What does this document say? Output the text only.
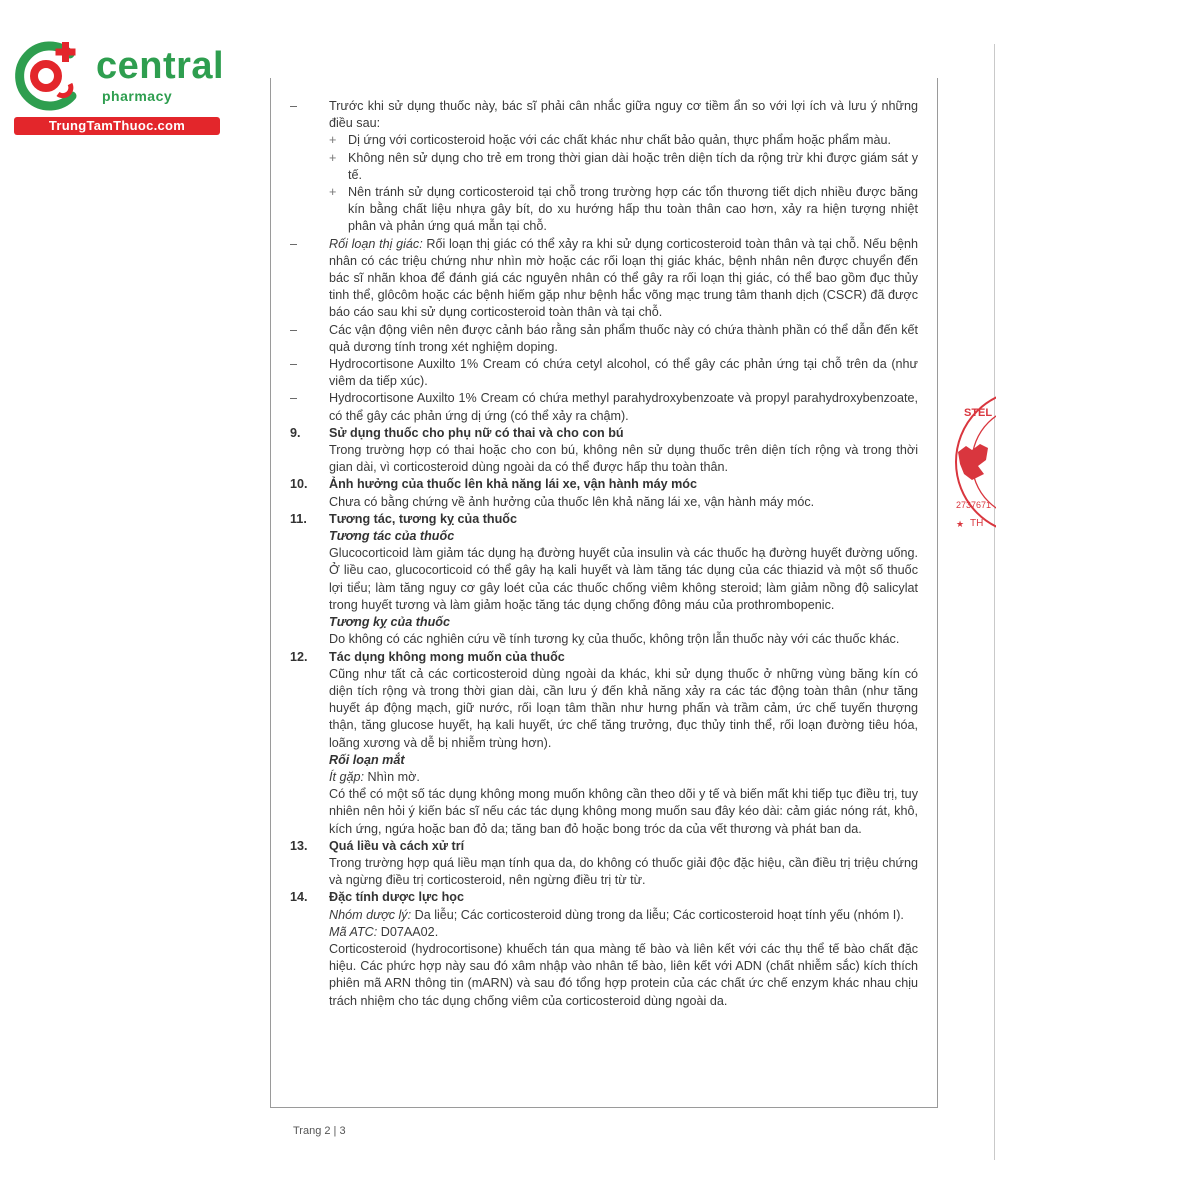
central
pharmacy
TrungTamThuoc.com
STEL
2737671
TH
★
–	Trước khi sử dụng thuốc này, bác sĩ phải cân nhắc giữa nguy cơ tiềm ẩn so với lợi ích và lưu ý những điều sau:
+ Dị ứng với corticosteroid hoặc với các chất khác như chất bảo quản, thực phẩm hoặc phẩm màu.
+ Không nên sử dụng cho trẻ em trong thời gian dài hoặc trên diện tích da rộng trừ khi được giám sát y tế.
+ Nên tránh sử dụng corticosteroid tại chỗ trong trường hợp các tổn thương tiết dịch nhiều được băng kín bằng chất liệu nhựa gây bít, do xu hướng hấp thu toàn thân cao hơn, xảy ra hiện tượng nhiệt phân và phản ứng quá mẫn tại chỗ.
–	Rối loạn thị giác: Rối loạn thị giác có thể xảy ra khi sử dụng corticosteroid toàn thân và tại chỗ. Nếu bệnh nhân có các triệu chứng như nhìn mờ hoặc các rối loạn thị giác khác, bệnh nhân nên được chuyển đến bác sĩ nhãn khoa để đánh giá các nguyên nhân có thể gây ra rối loạn thị giác, có thể bao gồm đục thủy tinh thể, glôcôm hoặc các bệnh hiếm gặp như bệnh hắc võng mạc trung tâm thanh dịch (CSCR) đã được báo cáo sau khi sử dụng corticosteroid toàn thân và tại chỗ.
–	Các vận động viên nên được cảnh báo rằng sản phẩm thuốc này có chứa thành phần có thể dẫn đến kết quả dương tính trong xét nghiệm doping.
–	Hydrocortisone Auxilto 1% Cream có chứa cetyl alcohol, có thể gây các phản ứng tại chỗ trên da (như viêm da tiếp xúc).
–	Hydrocortisone Auxilto 1% Cream có chứa methyl parahydroxybenzoate và propyl parahydroxybenzoate, có thể gây các phản ứng dị ứng (có thể xảy ra chậm).
9.	Sử dụng thuốc cho phụ nữ có thai và cho con bú
Trong trường hợp có thai hoặc cho con bú, không nên sử dụng thuốc trên diện tích rộng và trong thời gian dài, vì corticosteroid dùng ngoài da có thể được hấp thu toàn thân.
10.	Ảnh hưởng của thuốc lên khả năng lái xe, vận hành máy móc
Chưa có bằng chứng về ảnh hưởng của thuốc lên khả năng lái xe, vận hành máy móc.
11.	Tương tác, tương kỵ của thuốc
Tương tác của thuốc
Glucocorticoid làm giảm tác dụng hạ đường huyết của insulin và các thuốc hạ đường huyết đường uống. Ở liều cao, glucocorticoid có thể gây hạ kali huyết và làm tăng tác dụng của các thiazid và một số thuốc lợi tiểu; làm tăng nguy cơ gây loét của các thuốc chống viêm không steroid; làm giảm nồng độ salicylat trong huyết tương và làm giảm hoặc tăng tác dụng chống đông máu của prothrombopenic.
Tương kỵ của thuốc
Do không có các nghiên cứu về tính tương kỵ của thuốc, không trộn lẫn thuốc này với các thuốc khác.
12.	Tác dụng không mong muốn của thuốc
Cũng như tất cả các corticosteroid dùng ngoài da khác, khi sử dụng thuốc ở những vùng băng kín có diện tích rộng và trong thời gian dài, cần lưu ý đến khả năng xảy ra các tác động toàn thân (như tăng huyết áp động mạch, giữ nước, rối loạn tâm thần như hưng phấn và trầm cảm, ức chế tuyến thượng thận, tăng glucose huyết, hạ kali huyết, ức chế tăng trưởng, đục thủy tinh thể, rối loạn đường tiêu hóa, loãng xương và dễ bị nhiễm trùng hơn).
Rối loạn mắt
Ít gặp: Nhìn mờ.
Có thể có một số tác dụng không mong muốn không cần theo dõi y tế và biến mất khi tiếp tục điều trị, tuy nhiên nên hỏi ý kiến bác sĩ nếu các tác dụng không mong muốn sau đây kéo dài: cảm giác nóng rát, khô, kích ứng, ngứa hoặc ban đỏ da; tăng ban đỏ hoặc bong tróc da của vết thương và phát ban da.
13.	Quá liều và cách xử trí
Trong trường hợp quá liều mạn tính qua da, do không có thuốc giải độc đặc hiệu, cần điều trị triệu chứng và ngừng điều trị corticosteroid, nên ngừng điều trị từ từ.
14.	Đặc tính dược lực học
Nhóm dược lý: Da liễu; Các corticosteroid dùng trong da liễu; Các corticosteroid hoạt tính yếu (nhóm I).
Mã ATC: D07AA02.
Corticosteroid (hydrocortisone) khuếch tán qua màng tế bào và liên kết với các thụ thể tế bào chất đặc hiệu. Các phức hợp này sau đó xâm nhập vào nhân tế bào, liên kết với ADN (chất nhiễm sắc) kích thích phiên mã ARN thông tin (mARN) và sau đó tổng hợp protein của các chất ức chế enzym khác nhau chịu trách nhiệm cho tác dụng chống viêm của corticosteroid dùng ngoài da.
Trang 2 | 3
